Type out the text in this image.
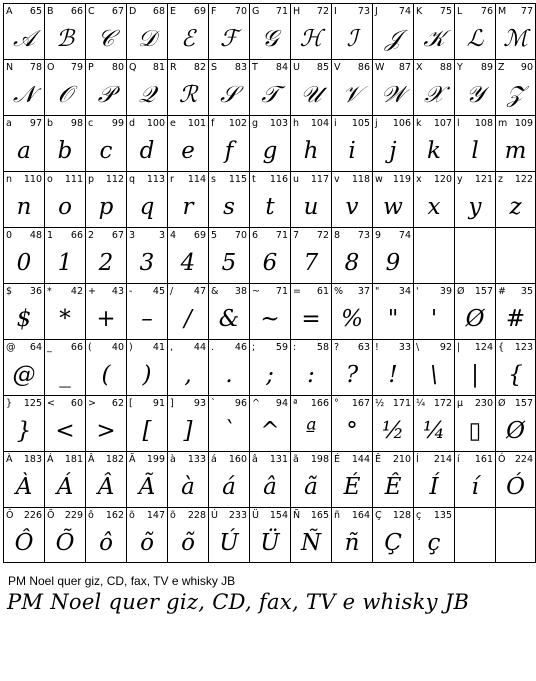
A 65
𝒜
B 66
ℬ
C 67
𝒞
D 68
𝒟
E 69
ℰ
F 70
ℱ
G 71
𝒢
H 72
ℋ
I 73
ℐ
J 74
𝒥
K 75
𝒦
L 76
ℒ
M 77
ℳ
N 78
𝒩
O 79
𝒪
P 80
𝒫
Q 81
𝒬
R 82
ℛ
S 83
𝒮
T 84
𝒯
U 85
𝒰
V 86
𝒱
W 87
𝒲
X 88
𝒳
Y 89
𝒴
Z 90
𝒵
a 97
a
b 98
b
c 99
c
d 100
d
e 101
e
f 102
f
g 103
g
h 104
h
i 105
i
j 106
j
k 107
k
l 108
l
m 109
m
n 110
n
o 111
o
p 112
p
q 113
q
r 114
r
s 115
s
t 116
t
u 117
u
v 118
v
w 119
w
x 120
x
y 121
y
z 122
z
0 48
0
1 66
1
2 67
2
3	3
3
4 69
4
5 70
5
6 71
6
7 72
7
8 73
8
9 74
9
$ 36
$
* 42
*
+ 43
+
- 45
–
/ 47
/
& 38
&
~ 71
~
= 61
=
% 37
%
" 34
"
' 39
'
Ø 157
Ø
# 35
#
@ 64
@
_ 66
_
( 40
(
) 41
)
, 44
,
. 46
.
; 59
;
: 58
:
? 63
?
! 33
!
\ 92
\
| 124
|
{ 123
{
} 125
}
< 60
<
> 62
>
[ 91
[
] 93
]
` 96
`
^ 94
^
ª 166
ª
° 167
°
½ 171
½
¼ 172
¼
µ 230
▯
Ø 157
Ø
À 183
À
Á 181
Á
Â 182
Â
Ã 199
Ã
à 133
à
á 160
á
â 131
â
ã 198
ã
É 144
É
Ê 210
Ê
Í 214
Í
í 161
í
Ó 224
Ó
Ô 226
Ô
Õ 229
Õ
ô 162
ô
õ 147
õ
õ 228
õ
Ú 233
Ú
Ü 154
Ü
Ñ 165
Ñ
ñ 164
ñ
Ç 128
Ç
ç 135
ç
PM Noel quer giz, CD, fax, TV e whisky JB
PM Noel quer giz, CD, fax, TV e whisky JB
